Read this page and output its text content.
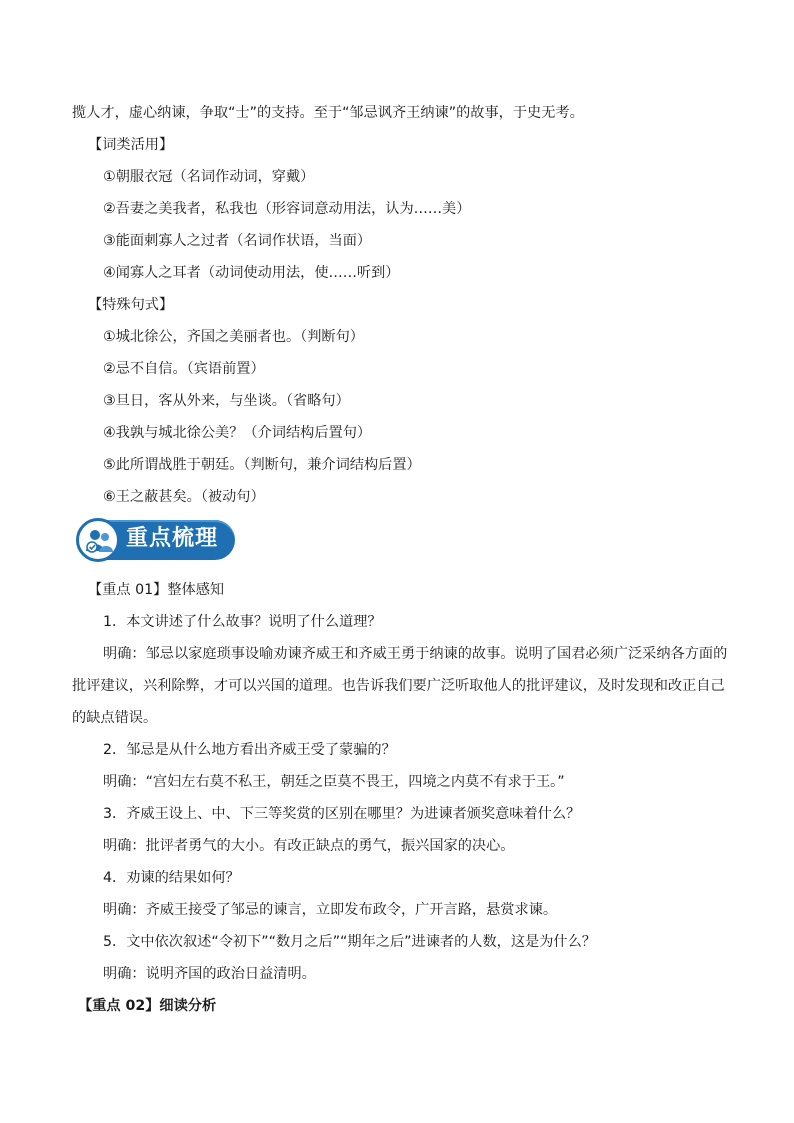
揽人才，虚心纳谏，争取“士”的支持。至于“邹忌讽齐王纳谏”的故事，于史无考。
【词类活用】
①朝服衣冠（名词作动词，穿戴）
②吾妻之美我者，私我也（形容词意动用法，认为……美）
③能面刺寡人之过者（名词作状语，当面）
④闻寡人之耳者（动词使动用法，使……听到）
【特殊句式】
①城北徐公，齐国之美丽者也。（判断句）
②忌不自信。（宾语前置）
③旦日，客从外来，与坐谈。（省略句）
④我孰与城北徐公美？（介词结构后置句）
⑤此所谓战胜于朝廷。（判断句，兼介词结构后置）
⑥王之蔽甚矣。（被动句）
重点梳理
【重点 01】整体感知
1．本文讲述了什么故事？说明了什么道理？
明确：邹忌以家庭琐事设喻劝谏齐威王和齐威王勇于纳谏的故事。说明了国君必须广泛采纳各方面的
批评建议，兴利除弊，才可以兴国的道理。也告诉我们要广泛听取他人的批评建议，及时发现和改正自己
的缺点错误。
2．邹忌是从什么地方看出齐威王受了蒙骗的？
明确：“宫妇左右莫不私王，朝廷之臣莫不畏王，四境之内莫不有求于王。”
3．齐威王设上、中、下三等奖赏的区别在哪里？为进谏者颁奖意味着什么？
明确：批评者勇气的大小。有改正缺点的勇气，振兴国家的决心。
4．劝谏的结果如何？
明确：齐威王接受了邹忌的谏言，立即发布政令，广开言路，悬赏求谏。
5．文中依次叙述“令初下”“数月之后”“期年之后”进谏者的人数，这是为什么？
明确：说明齐国的政治日益清明。
【重点 02】细读分析
